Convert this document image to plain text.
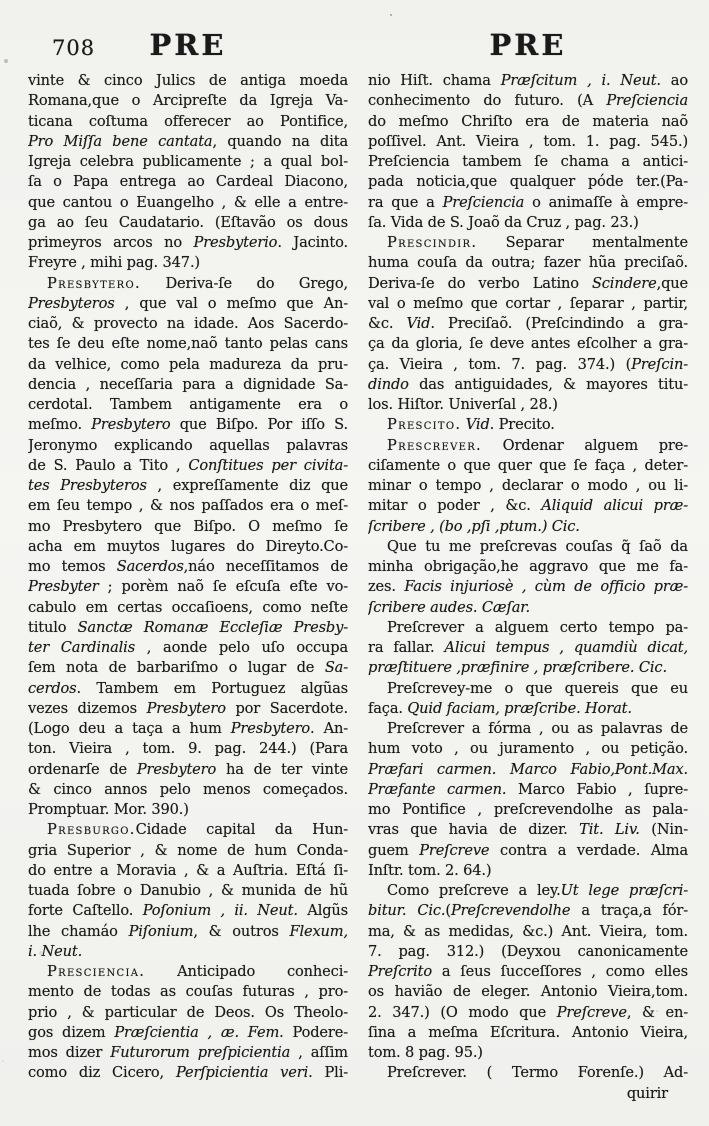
708	PRE	PRE
vinte & cinco Julics de antiga moeda
Romana,que o Arcipreſte da Igreja Va-
ticana coſtuma offerecer ao Pontifice,
Pro Miſſa bene cantata, quando na dita
Igreja celebra publicamente ; a qual bol-
ſa o Papa entrega ao Cardeal Diacono,
que cantou o Euangelho , & elle a entre-
ga ao ſeu Caudatario. (Eſtavão os dous
primeyros arcos no Presbyterio. Jacinto.
Freyre , mihi pag. 347.)
Presbytero. Deriva-ſe do Grego,
Presbyteros , que val o meſmo que An-
ciaõ, & provecto na idade. Aos Sacerdo-
tes ſe deu eſte nome,naõ tanto pelas cans
da velhice, como pela madureza da pru-
dencia , neceſſaria para a dignidade Sa-
cerdotal. Tambem antigamente era o
meſmo. Presbytero que Biſpo. Por iſſo S.
Jeronymo explicando aquellas palavras
de S. Paulo a Tito , Conſtitues per civita-
tes Presbyteros , expreſſamente diz que
em ſeu tempo , & nos paſſados era o meſ-
mo Presbytero que Biſpo. O meſmo ſe
acha em muytos lugares do Direyto.Co-
mo temos Sacerdos,náo neceſſitamos de
Presbyter ; porèm naõ ſe eſcuſa eſte vo-
cabulo em certas occaſioens, como neſte
titulo Sanctæ Romanæ Eccleſiæ Presby-
ter Cardinalis , aonde pelo uſo occupa
ſem nota de barbariſmo o lugar de Sa-
cerdos. Tambem em Portuguez algũas
vezes dizemos Presbytero por Sacerdote.
(Logo deu a taça a hum Presbytero. An-
ton. Vieira , tom. 9. pag. 244.) (Para
ordenarſe de Presbytero ha de ter vinte
& cinco annos pelo menos começados.
Promptuar. Mor. 390.)
Presburgo.Cidade capital da Hun-
gria Superior , & nome de hum Conda-
do entre a Moravia , & a Auſtria. Eſtá ſi-
tuada ſobre o Danubio , & munida de hũ
forte Caſtello. Poſonium , ii. Neut. Algũs
lhe chamáo Piſonium, & outros Flexum,
i. Neut.
Presciencia. Anticipado conheci-
mento de todas as couſas futuras , pro-
prio , & particular de Deos. Os Theolo-
gos dizem Præſcientia , æ. Fem. Podere-
mos dizer Futurorum preſpicientia , aſſim
como diz Cicero, Perſpicientia veri. Pli-
nio Hiſt. chama Præſcitum , i. Neut. ao
conhecimento do futuro. (A Preſciencia
do meſmo Chriſto era de materia naõ
poſſivel. Ant. Vieira , tom. 1. pag. 545.)
Preſciencia tambem ſe chama a antici-
pada noticia,que qualquer póde ter.(Pa-
ra que a Preſciencia o animaſſe à empre-
ſa. Vida de S. Joaõ da Cruz , pag. 23.)
Prescindir. Separar mentalmente
huma couſa da outra; fazer hũa preciſaõ.
Deriva-ſe do verbo Latino Scindere,que
val o meſmo que cortar , ſeparar , partir,
&c. Vid. Preciſaõ. (Preſcindindo a gra-
ça da gloria, ſe deve antes eſcolher a gra-
ça. Vieira , tom. 7. pag. 374.) (Preſcin-
dindo das antiguidades, & mayores titu-
los. Hiſtor. Univerſal , 28.)
Prescito. Vid. Precito.
Prescrever. Ordenar alguem pre-
ciſamente o que quer que ſe faça , deter-
minar o tempo , declarar o modo , ou li-
mitar o poder , &c. Aliquid alicui præ-
ſcribere , (bo ,pſi ,ptum.) Cic.
Que tu me preſcrevas couſas q̃ ſaõ da
minha obrigação,he aggravo que me fa-
zes. Facis injuriosè , cùm de officio præ-
ſcribere audes. Cæſar.
Preſcrever a alguem certo tempo pa-
ra fallar. Alicui tempus , quamdiù dicat,
præſtituere ,præfinire , præſcribere. Cic.
Preſcrevey-me o que quereis que eu
faça. Quid faciam, præſcribe. Horat.
Preſcrever a fórma , ou as palavras de
hum voto , ou juramento , ou petição.
Præfari carmen. Marco Fabio,Pont.Max.
Præfante carmen. Marco Fabio , ſupre-
mo Pontifice , preſcrevendolhe as pala-
vras que havia de dizer. Tit. Liv. (Nin-
guem Preſcreve contra a verdade. Alma
Inſtr. tom. 2. 64.)
Como preſcreve a ley.Ut lege præſcri-
bitur. Cic.(Preſcrevendolhe a traça,a fór-
ma, & as medidas, &c.) Ant. Vieira, tom.
7. pag. 312.) (Deyxou canonicamente
Preſcrito a ſeus ſucceſſores , como elles
os havião de eleger. Antonio Vieira,tom.
2. 347.) (O modo que Preſcreve, & en-
ſina a meſma Eſcritura. Antonio Vieira,
tom. 8 pag. 95.)
Preſcrever. ( Termo Forenſe.) Ad-
quirir
